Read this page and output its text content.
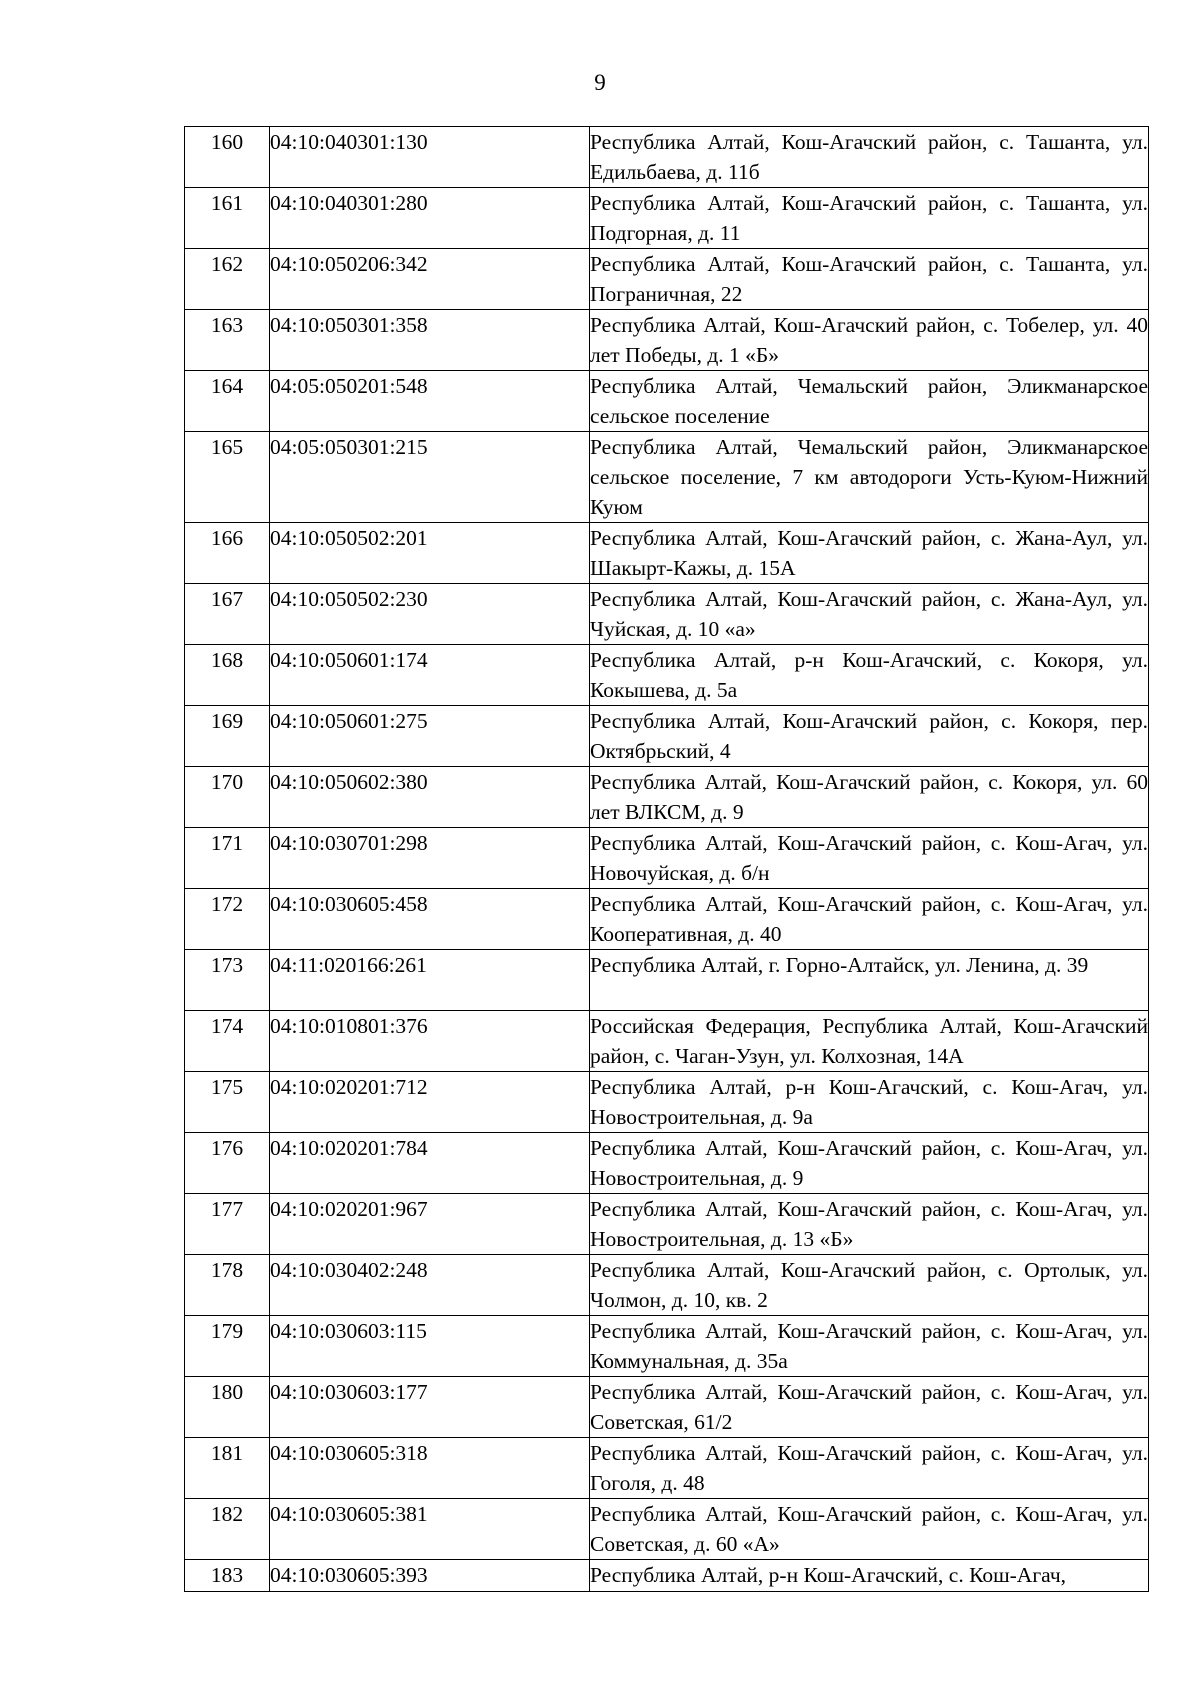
9
160	04:10:040301:130	Республика Алтай, Кош-Агачский район, с. Ташанта, ул. Едильбаева, д. 11б
161	04:10:040301:280	Республика Алтай, Кош-Агачский район, с. Ташанта, ул. Подгорная, д. 11
162	04:10:050206:342	Республика Алтай, Кош-Агачский район, с. Ташанта, ул. Пограничная, 22
163	04:10:050301:358	Республика Алтай, Кош-Агачский район, с. Тобелер, ул. 40 лет Победы, д. 1 «Б»
164	04:05:050201:548	Республика Алтай, Чемальский район, Эликманарское сельское поселение
165	04:05:050301:215	Республика Алтай, Чемальский район, Эликманарское сельское поселение, 7 км автодороги Усть-Куюм-Нижний Куюм
166	04:10:050502:201	Республика Алтай, Кош-Агачский район, с. Жана-Аул, ул. Шакырт-Кажы, д. 15А
167	04:10:050502:230	Республика Алтай, Кош-Агачский район, с. Жана-Аул, ул. Чуйская, д. 10 «а»
168	04:10:050601:174	Республика Алтай, р-н Кош-Агачский, с. Кокоря, ул. Кокышева, д. 5а
169	04:10:050601:275	Республика Алтай, Кош-Агачский район, с. Кокоря, пер. Октябрьский, 4
170	04:10:050602:380	Республика Алтай, Кош-Агачский район, с. Кокоря, ул. 60 лет ВЛКСМ, д. 9
171	04:10:030701:298	Республика Алтай, Кош-Агачский район, с. Кош-Агач, ул. Новочуйская, д. б/н
172	04:10:030605:458	Республика Алтай, Кош-Агачский район, с. Кош-Агач, ул. Кооперативная, д. 40
173	04:11:020166:261	Республика Алтай, г. Горно-Алтайск, ул. Ленина, д. 39
174	04:10:010801:376	Российская Федерация, Республика Алтай, Кош-Агачский район, с. Чаган-Узун, ул. Колхозная, 14А
175	04:10:020201:712	Республика Алтай, р-н Кош-Агачский, с. Кош-Агач, ул. Новостроительная, д. 9а
176	04:10:020201:784	Республика Алтай, Кош-Агачский район, с. Кош-Агач, ул. Новостроительная, д. 9
177	04:10:020201:967	Республика Алтай, Кош-Агачский район, с. Кош-Агач, ул. Новостроительная, д. 13 «Б»
178	04:10:030402:248	Республика Алтай, Кош-Агачский район, с. Ортолык, ул. Чолмон, д. 10, кв. 2
179	04:10:030603:115	Республика Алтай, Кош-Агачский район, с. Кош-Агач, ул. Коммунальная, д. 35а
180	04:10:030603:177	Республика Алтай, Кош-Агачский район, с. Кош-Агач, ул. Советская, 61/2
181	04:10:030605:318	Республика Алтай, Кош-Агачский район, с. Кош-Агач, ул. Гоголя, д. 48
182	04:10:030605:381	Республика Алтай, Кош-Агачский район, с. Кош-Агач, ул. Советская, д. 60 «А»
183	04:10:030605:393	Республика Алтай, р-н Кош-Агачский, с. Кош-Агач,
